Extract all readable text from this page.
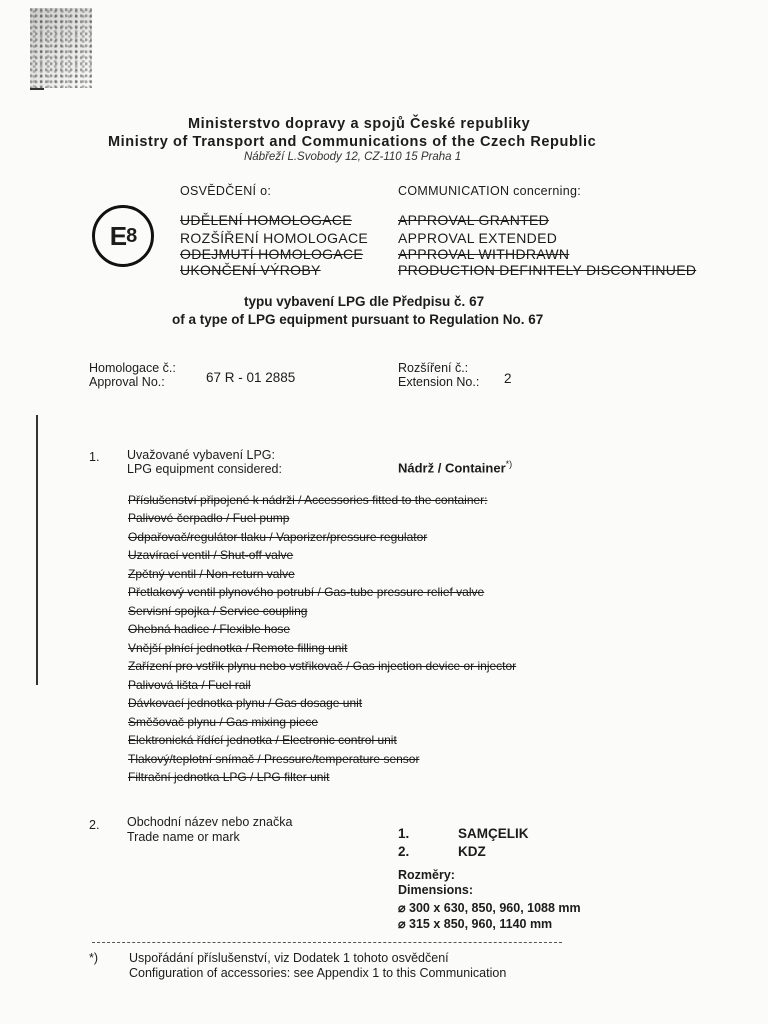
Ministerstvo dopravy a spojů České republiky
Ministry of Transport and Communications of the Czech Republic
Nábřeží L.Svobody 12, CZ-110 15 Praha 1
E 8
OSVĚDČENÍ o:	COMMUNICATION concerning:
UDĚLENÍ HOMOLOGACE	APPROVAL GRANTED
ROZŠÍŘENÍ HOMOLOGACE APPROVAL EXTENDED
ODEJMUTÍ HOMOLOGACE APPROVAL WITHDRAWN
UKONČENÍ VÝROBY	PRODUCTION DEFINITELY DISCONTINUED
typu vybavení LPG dle Předpisu č. 67
of a type of LPG equipment pursuant to Regulation No. 67
Homologace č.:
Approval No.:	67 R - 01 2885
Rozšíření č.:
Extension No.: 2
1. Uvažované vybavení LPG:
LPG equipment considered:	Nádrž / Container*)
Příslušenství připojené k nádrži / Accessories fitted to the container:
Palivové čerpadlo / Fuel pump
Odpařovač/regulátor tlaku / Vaporizer/pressure regulator
Uzavírací ventil / Shut-off valve
Zpětný ventil / Non-return valve
Přetlakový ventil plynového potrubí / Gas-tube pressure relief valve
Servisní spojka / Service coupling
Ohebná hadice / Flexible hose
Vnější plnící jednotka / Remote filling unit
Zařízení pro vstřik plynu nebo vstřikovač / Gas injection device or injector
Palivová lišta / Fuel rail
Dávkovací jednotka plynu / Gas dosage unit
Směšovač plynu / Gas mixing piece
Elektronická řídící jednotka / Electronic control unit
Tlakový/teplotní snímač / Pressure/temperature sensor
Filtrační jednotka LPG / LPG filter unit
2. Obchodní název nebo značka
Trade name or mark	1.	SAMÇELIK
2.	KDZ
Rozměry:
Dimensions:
⌀ 300 x 630, 850, 960, 1088 mm
⌀ 315 x 850, 960, 1140 mm
*) Uspořádání příslušenství, viz Dodatek 1 tohoto osvědčení
Configuration of accessories: see Appendix 1 to this Communication
